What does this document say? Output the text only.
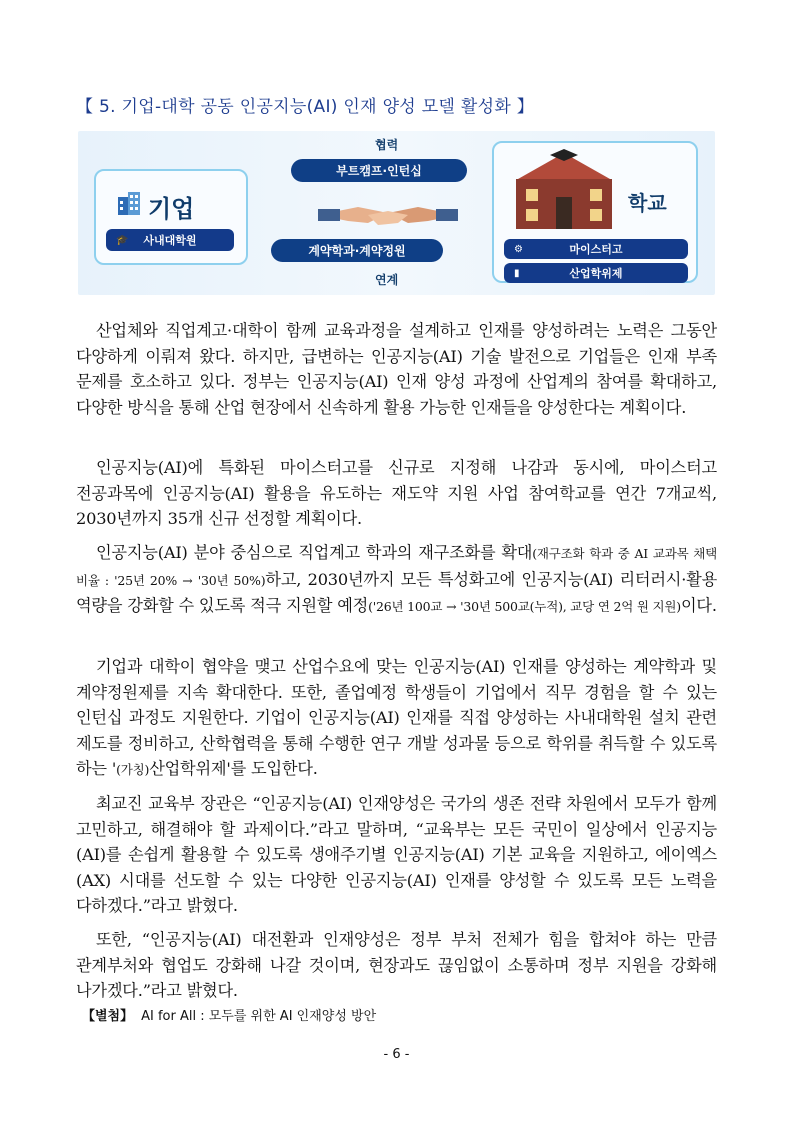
【 5. 기업-대학 공동 인공지능(AI) 인재 양성 모델 활성화 】
기업
🎓 사내대학원
협력
부트캠프·인턴십
계약학과·계약정원
연계
학교
⚙	마이스터고
▮	산업학위제
산업체와 직업계고·대학이 함께 교육과정을 설계하고 인재를 양성하려는 노력은 그동안 다양하게 이뤄져 왔다. 하지만, 급변하는 인공지능(AI) 기술 발전으로 기업들은 인재 부족 문제를 호소하고 있다. 정부는 인공지능(AI) 인재 양성 과정에 산업계의 참여를 확대하고, 다양한 방식을 통해 산업 현장에서 신속하게 활용 가능한 인재들을 양성한다는 계획이다.
인공지능(AI)에 특화된 마이스터고를 신규로 지정해 나감과 동시에, 마이스터고 전공과목에 인공지능(AI) 활용을 유도하는 재도약 지원 사업 참여학교를 연간 7개교씩, 2030년까지 35개 신규 선정할 계획이다.
인공지능(AI) 분야 중심으로 직업계고 학과의 재구조화를 확대(재구조화 학과 중 AI 교과목 채택 비율 : '25년 20% → '30년 50%)하고, 2030년까지 모든 특성화고에 인공지능(AI) 리터러시·활용 역량을 강화할 수 있도록 적극 지원할 예정('26년 100교 → '30년 500교(누적), 교당 연 2억 원 지원)이다.
기업과 대학이 협약을 맺고 산업수요에 맞는 인공지능(AI) 인재를 양성하는 계약학과 및 계약정원제를 지속 확대한다. 또한, 졸업예정 학생들이 기업에서 직무 경험을 할 수 있는 인턴십 과정도 지원한다. 기업이 인공지능(AI) 인재를 직접 양성하는 사내대학원 설치 관련 제도를 정비하고, 산학협력을 통해 수행한 연구 개발 성과물 등으로 학위를 취득할 수 있도록 하는 '(가칭)산업학위제'를 도입한다.
최교진 교육부 장관은 “인공지능(AI) 인재양성은 국가의 생존 전략 차원에서 모두가 함께 고민하고, 해결해야 할 과제이다.”라고 말하며, “교육부는 모든 국민이 일상에서 인공지능(AI)를 손쉽게 활용할 수 있도록 생애주기별 인공지능(AI) 기본 교육을 지원하고, 에이엑스(AX) 시대를 선도할 수 있는 다양한 인공지능(AI) 인재를 양성할 수 있도록 모든 노력을 다하겠다.”라고 밝혔다.
또한, “인공지능(AI) 대전환과 인재양성은 정부 부처 전체가 힘을 합쳐야 하는 만큼 관계부처와 협업도 강화해 나갈 것이며, 현장과도 끊임없이 소통하며 정부 지원을 강화해 나가겠다.”라고 밝혔다.
【별첨】 AI for All : 모두를 위한 AI 인재양성 방안
- 6 -
